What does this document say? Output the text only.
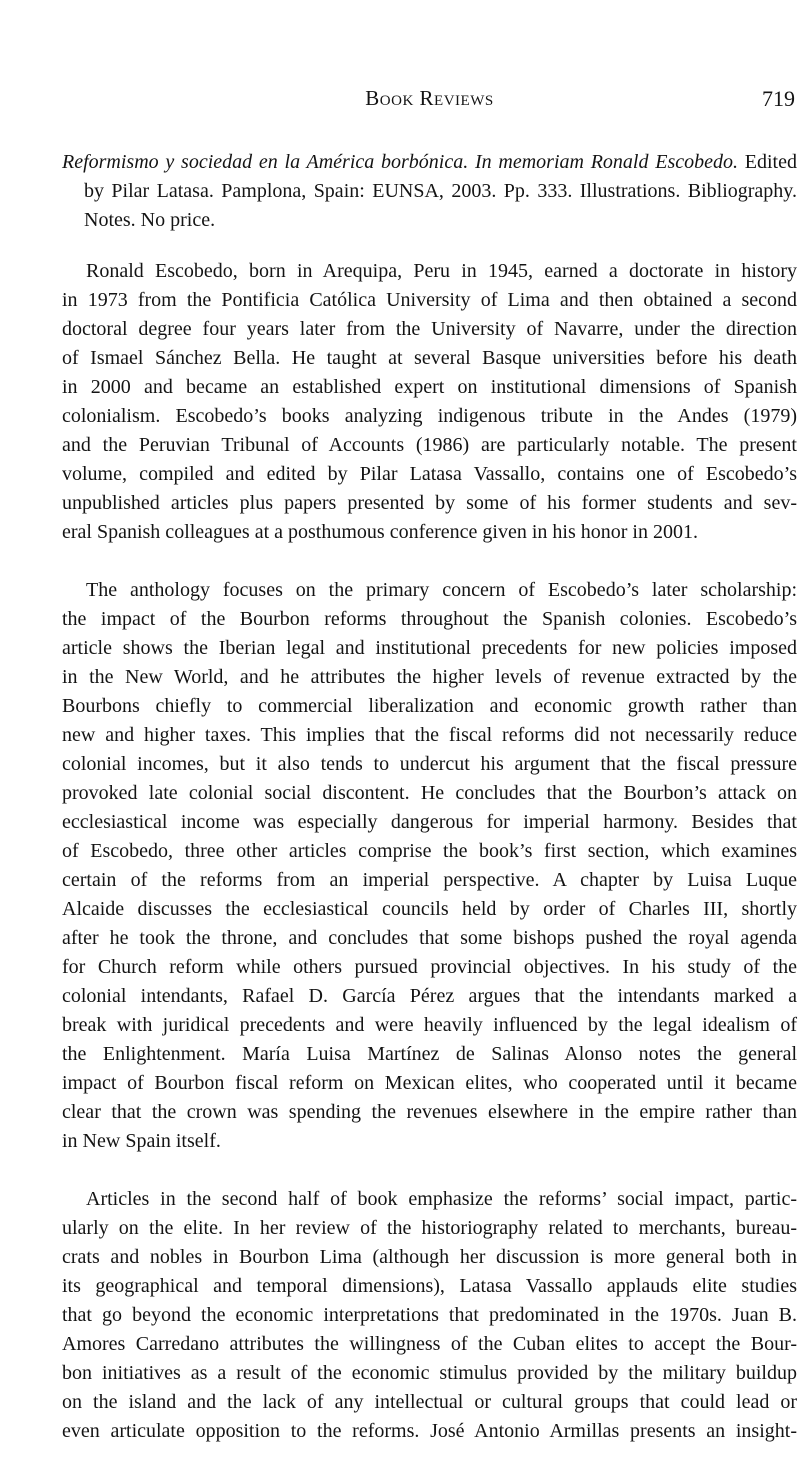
Book Reviews	719
Reformismo y sociedad en la América borbónica. In memoriam Ronald Escobedo. Edited by Pilar Latasa. Pamplona, Spain: EUNSA, 2003. Pp. 333. Illustrations. Bibliography. Notes. No price.
Ronald Escobedo, born in Arequipa, Peru in 1945, earned a doctorate in history
in 1973 from the Pontificia Católica University of Lima and then obtained a second
doctoral degree four years later from the University of Navarre, under the direction
of Ismael Sánchez Bella. He taught at several Basque universities before his death
in 2000 and became an established expert on institutional dimensions of Spanish
colonialism. Escobedo’s books analyzing indigenous tribute in the Andes (1979)
and the Peruvian Tribunal of Accounts (1986) are particularly notable. The present
volume, compiled and edited by Pilar Latasa Vassallo, contains one of Escobedo’s
unpublished articles plus papers presented by some of his former students and sev-
eral Spanish colleagues at a posthumous conference given in his honor in 2001.
The anthology focuses on the primary concern of Escobedo’s later scholarship:
the impact of the Bourbon reforms throughout the Spanish colonies. Escobedo’s
article shows the Iberian legal and institutional precedents for new policies imposed
in the New World, and he attributes the higher levels of revenue extracted by the
Bourbons chiefly to commercial liberalization and economic growth rather than
new and higher taxes. This implies that the fiscal reforms did not necessarily reduce
colonial incomes, but it also tends to undercut his argument that the fiscal pressure
provoked late colonial social discontent. He concludes that the Bourbon’s attack on
ecclesiastical income was especially dangerous for imperial harmony. Besides that
of Escobedo, three other articles comprise the book’s first section, which examines
certain of the reforms from an imperial perspective. A chapter by Luisa Luque
Alcaide discusses the ecclesiastical councils held by order of Charles III, shortly
after he took the throne, and concludes that some bishops pushed the royal agenda
for Church reform while others pursued provincial objectives. In his study of the
colonial intendants, Rafael D. García Pérez argues that the intendants marked a
break with juridical precedents and were heavily influenced by the legal idealism of
the Enlightenment. María Luisa Martínez de Salinas Alonso notes the general
impact of Bourbon fiscal reform on Mexican elites, who cooperated until it became
clear that the crown was spending the revenues elsewhere in the empire rather than
in New Spain itself.
Articles in the second half of book emphasize the reforms’ social impact, partic-
ularly on the elite. In her review of the historiography related to merchants, bureau-
crats and nobles in Bourbon Lima (although her discussion is more general both in
its geographical and temporal dimensions), Latasa Vassallo applauds elite studies
that go beyond the economic interpretations that predominated in the 1970s. Juan B.
Amores Carredano attributes the willingness of the Cuban elites to accept the Bour-
bon initiatives as a result of the economic stimulus provided by the military buildup
on the island and the lack of any intellectual or cultural groups that could lead or
even articulate opposition to the reforms. José Antonio Armillas presents an insight-
